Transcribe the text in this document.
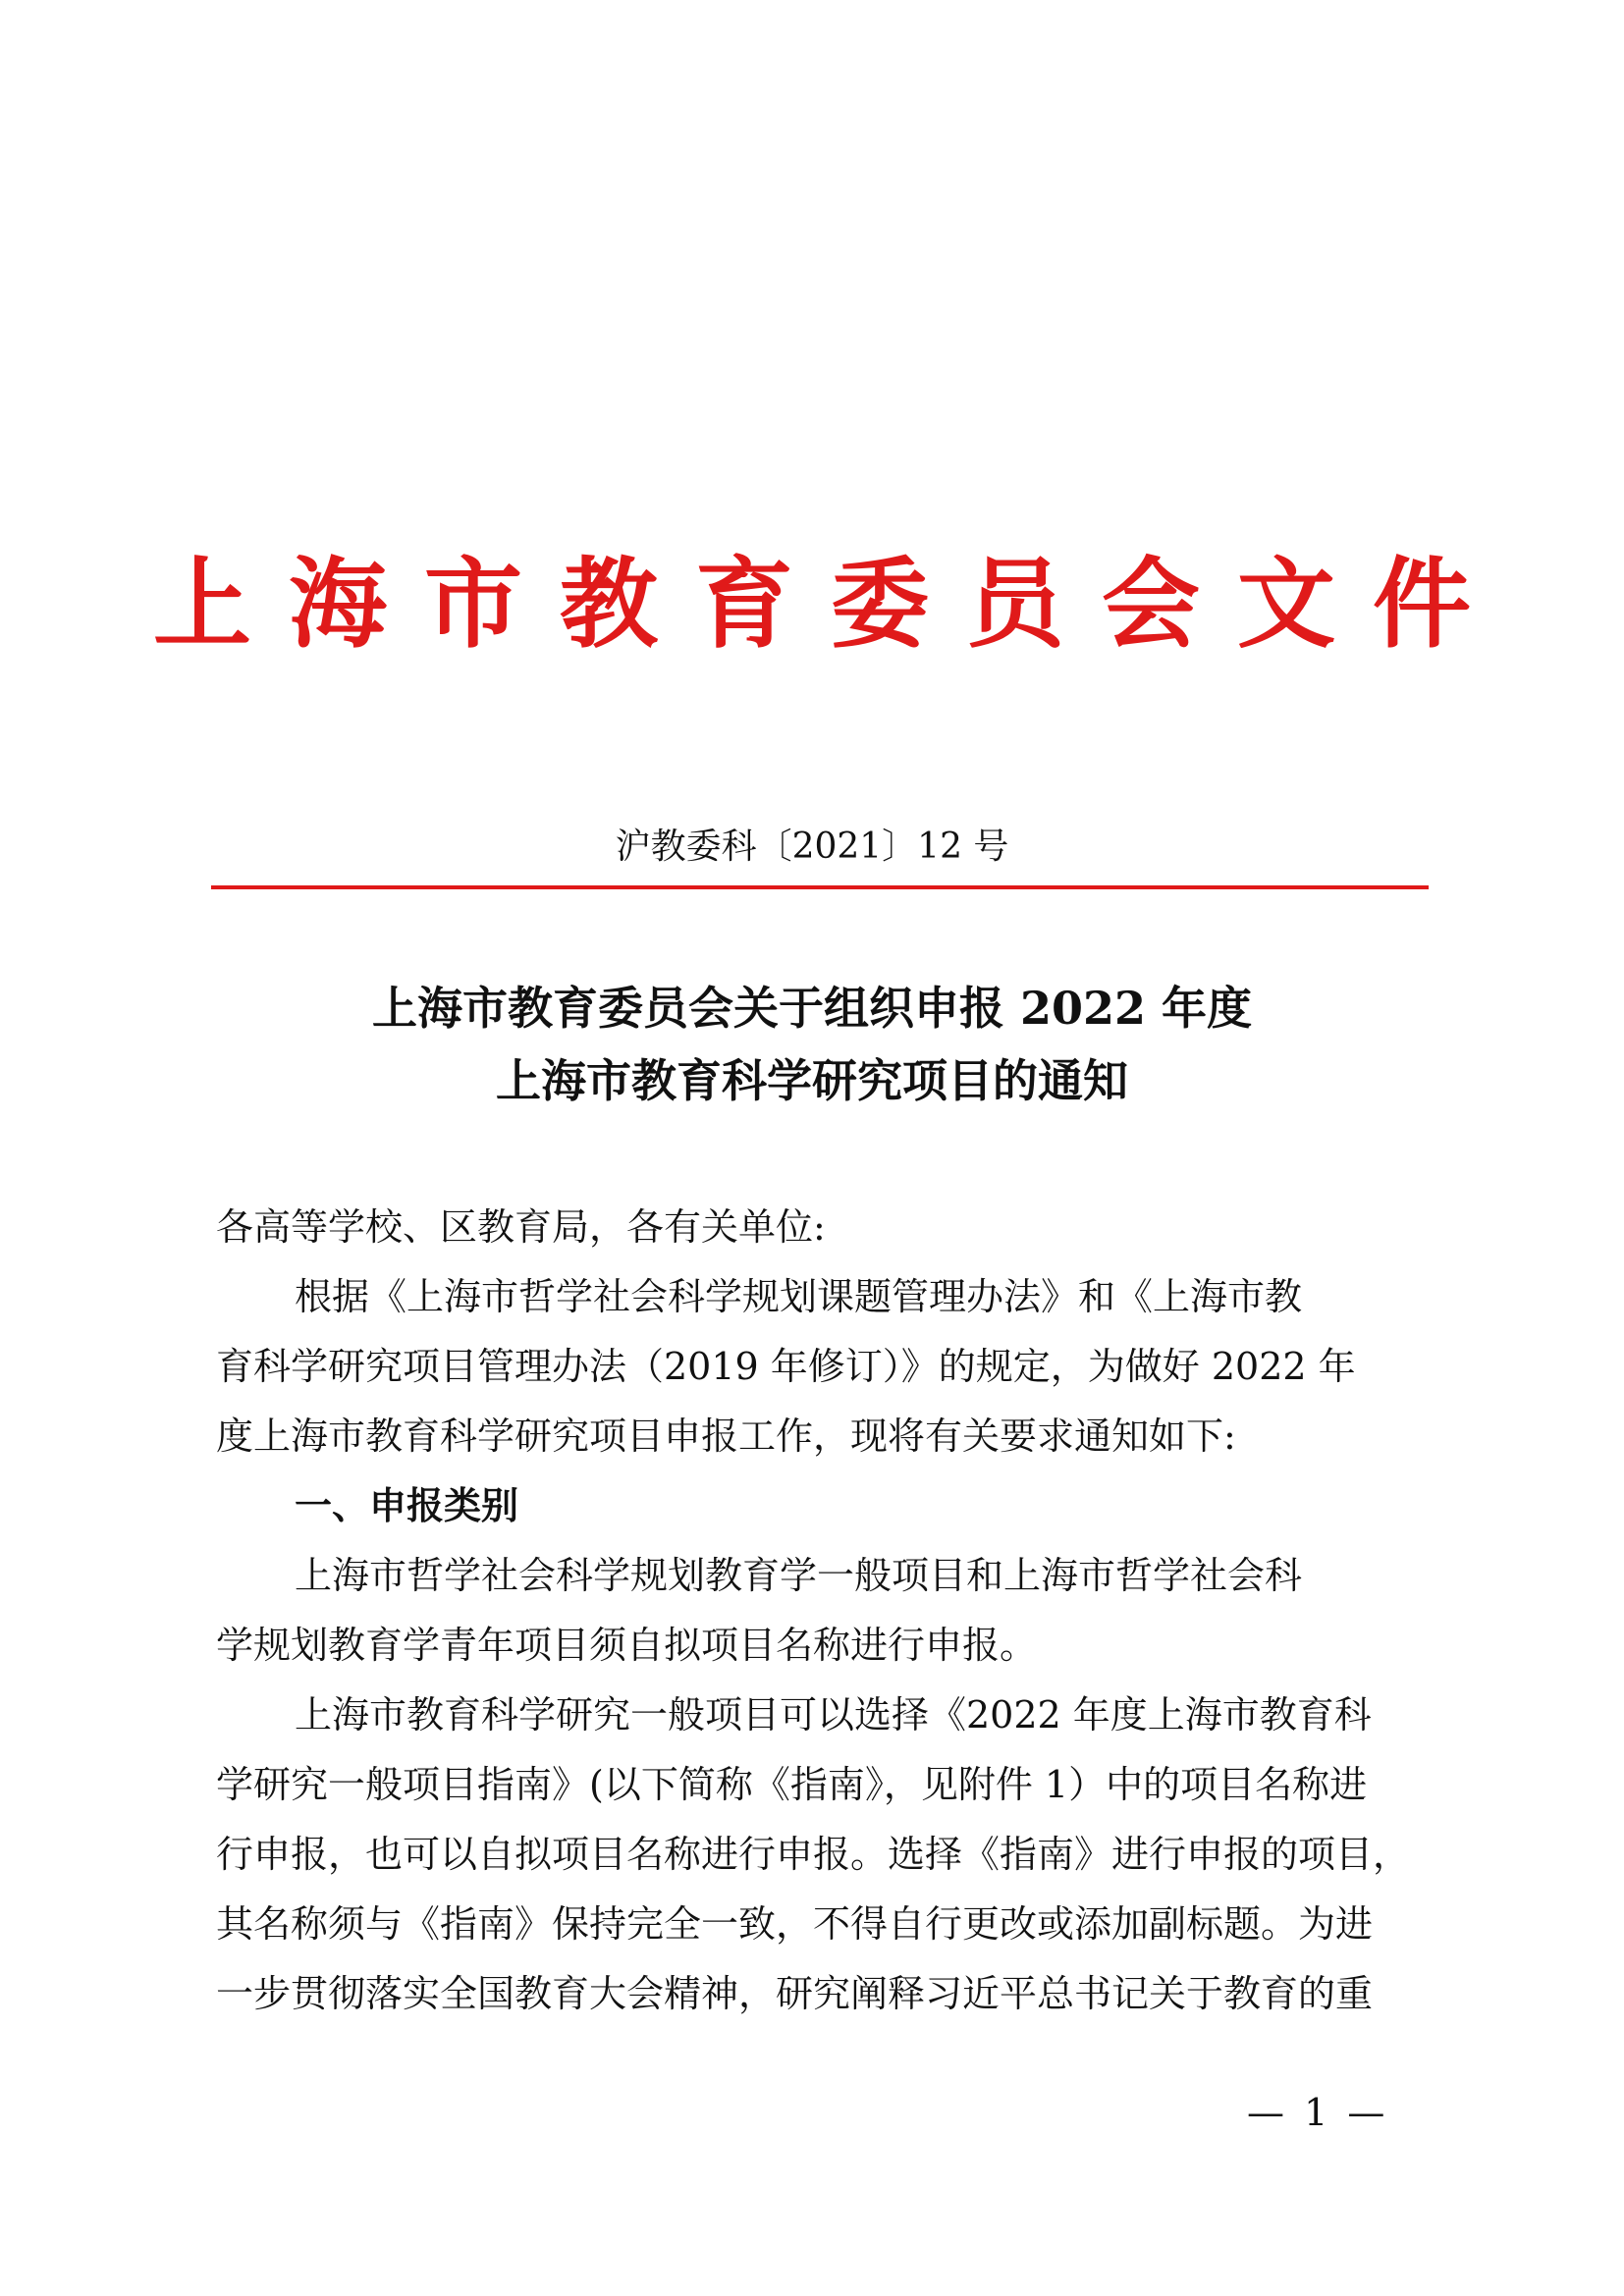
上海市教育委员会文件
沪教委科〔2021〕12 号
上海市教育委员会关于组织申报 2022 年度
上海市教育科学研究项目的通知

各高等学校、区教育局，各有关单位:

根据《上海市哲学社会科学规划课题管理办法》和《上海市教

育科学研究项目管理办法（2019 年修订）》的规定，为做好 2022 年

度上海市教育科学研究项目申报工作，现将有关要求通知如下:

一、申报类别

上海市哲学社会科学规划教育学一般项目和上海市哲学社会科

学规划教育学青年项目须自拟项目名称进行申报。

上海市教育科学研究一般项目可以选择《2022 年度上海市教育科

学研究一般项目指南》(以下简称《指南》，见附件 1）中的项目名称进

行申报，也可以自拟项目名称进行申报。选择《指南》进行申报的项目，

其名称须与《指南》保持完全一致，不得自行更改或添加副标题。为进

一步贯彻落实全国教育大会精神，研究阐释习近平总书记关于教育的重

— 1 —
